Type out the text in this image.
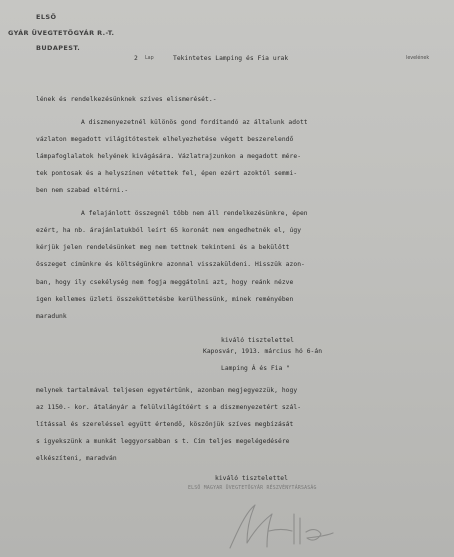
ELSŐ
GYÁR ÜVEGTETŐGYÁR R.-T.
BUDAPEST.
2 Lap	Tekintetes Lamping és Fia urak	levelének
lének és rendelkezésünknek szíves elismerését.-
A diszmenyezetnél különös gond fordítandó az általunk adott
vázlaton megadott világítótestek elhelyezhetése végett beszerelendő
lámpafoglalatok helyének kivágására. Vázlatrajzunkon a megadott mére-
tek pontosak és a helyszínen vétettek fel, épen ezért azoktól semmi-
ben nem szabad eltérni.-
A felajánlott összegnél több nem áll rendelkezésünkre, épen
ezért, ha nb. árajánlatukból leírt 65 koronát nem engedhetnék el, úgy
kérjük jelen rendelésünket meg nem tettnek tekinteni és a bekülött
összeget címünkre és költségünkre azonnal visszaküldeni. Hisszük azon-
ban, hogy ily csekélység nem fogja meggátolni azt, hogy reánk nézve
igen kellemes üzleti összeköttetésbe kerülhessünk, minek reményében
maradunk
kiváló tisztelettel
Kaposvár, 1913. március hó 6-án
Lamping Á és Fia "
melynek tartalmával teljesen egyetértünk, azonban megjegyezzük, hogy
az 1150.- kor. átalányár a felülvilágítóért s a diszmenyezetért szál-
lítással és szereléssel együtt értendő, köszönjük szíves megbízását
s igyekszünk a munkát leggyorsabban s t. Cím teljes megelégedésére
elkészíteni, maradván
kiváló tisztelettel
ELSŐ MAGYAR ÜVEGTETŐGYÁR RÉSZVÉNYTÁRSASÁG
